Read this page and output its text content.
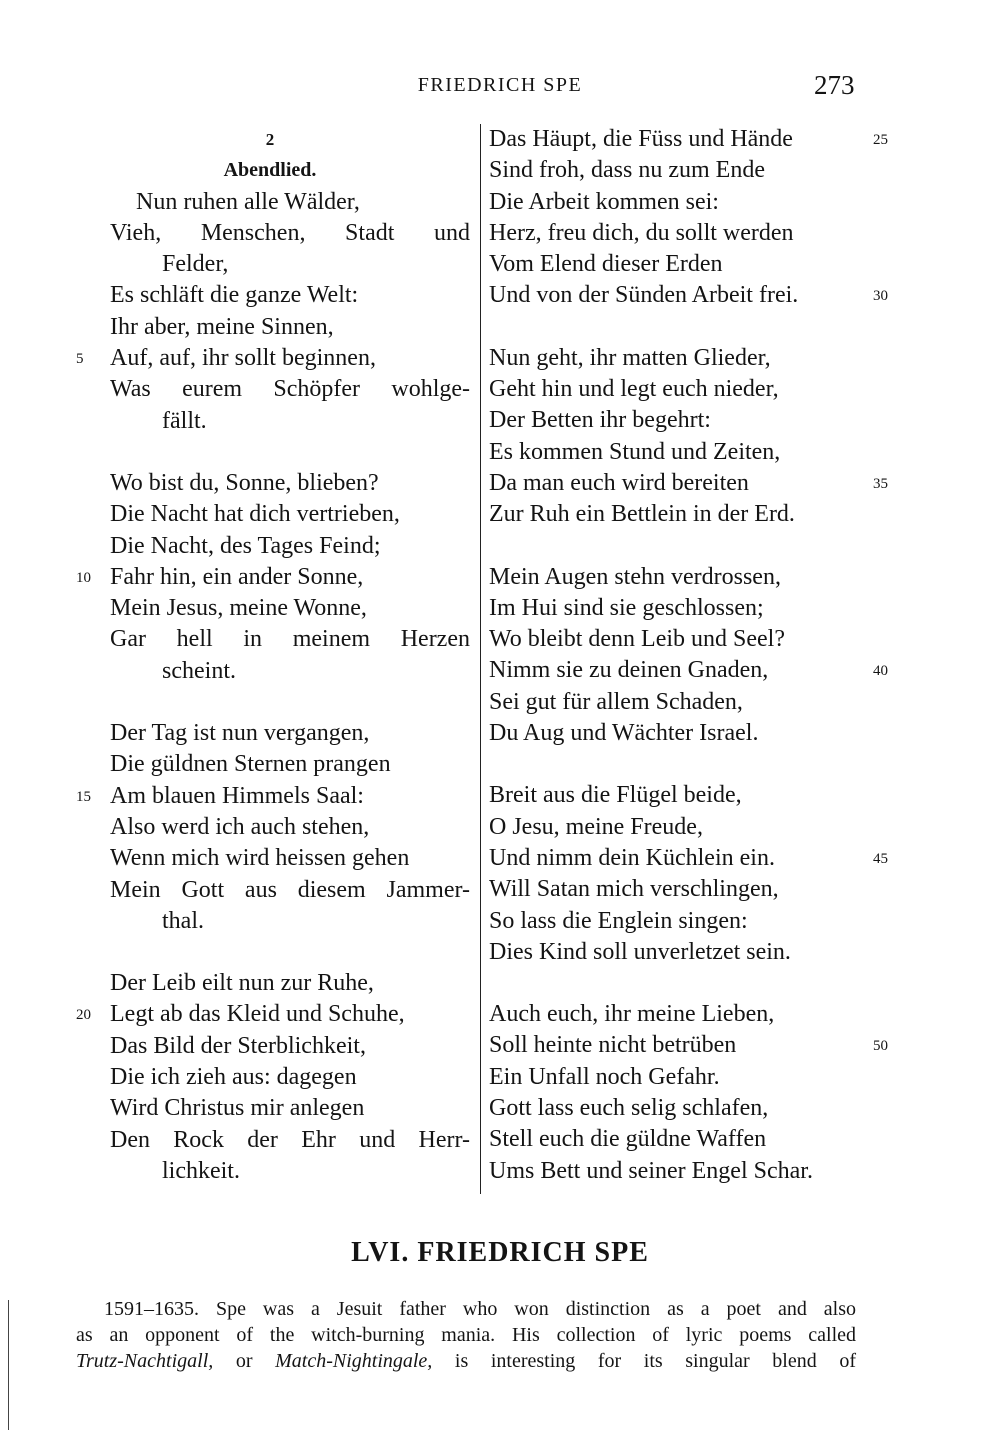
FRIEDRICH SPE	273
2
Abendlied.
Nun ruhen alle Wälder,
Vieh, Menschen, Stadt und
Felder,
Es schläft die ganze Welt:
Ihr aber, meine Sinnen,
Auf, auf, ihr sollt beginnen,
5
Was eurem Schöpfer wohlge-
fällt.
Wo bist du, Sonne, blieben?
Die Nacht hat dich vertrieben,
Die Nacht, des Tages Feind;
Fahr hin, ein ander Sonne,
10
Mein Jesus, meine Wonne,
Gar hell in meinem Herzen
scheint.
Der Tag ist nun vergangen,
Die güldnen Sternen prangen
Am blauen Himmels Saal:
15
Also werd ich auch stehen,
Wenn mich wird heissen gehen
Mein Gott aus diesem Jammer-
thal.
Der Leib eilt nun zur Ruhe,
Legt ab das Kleid und Schuhe,
20
Das Bild der Sterblichkeit,
Die ich zieh aus: dagegen
Wird Christus mir anlegen
Den Rock der Ehr und Herr-
lichkeit.
Das Häupt, die Füss und Hände	25
Sind froh, dass nu zum Ende
Die Arbeit kommen sei:
Herz, freu dich, du sollt werden
Vom Elend dieser Erden
Und von der Sünden Arbeit frei.	30
Nun geht, ihr matten Glieder,
Geht hin und legt euch nieder,
Der Betten ihr begehrt:
Es kommen Stund und Zeiten,
Da man euch wird bereiten	35
Zur Ruh ein Bettlein in der Erd.
Mein Augen stehn verdrossen,
Im Hui sind sie geschlossen;
Wo bleibt denn Leib und Seel?
Nimm sie zu deinen Gnaden,	40
Sei gut für allem Schaden,
Du Aug und Wächter Israel.
Breit aus die Flügel beide,
O Jesu, meine Freude,
Und nimm dein Küchlein ein.	45
Will Satan mich verschlingen,
So lass die Englein singen:
Dies Kind soll unverletzet sein.
Auch euch, ihr meine Lieben,
Soll heinte nicht betrüben	50
Ein Unfall noch Gefahr.
Gott lass euch selig schlafen,
Stell euch die güldne Waffen
Ums Bett und seiner Engel Schar.
LVI. FRIEDRICH SPE
1591–1635. Spe was a Jesuit father who won distinction as a poet and also
as an opponent of the witch-burning mania. His collection of lyric poems called
Trutz-Nachtigall, or Match-Nightingale, is interesting for its singular blend of
